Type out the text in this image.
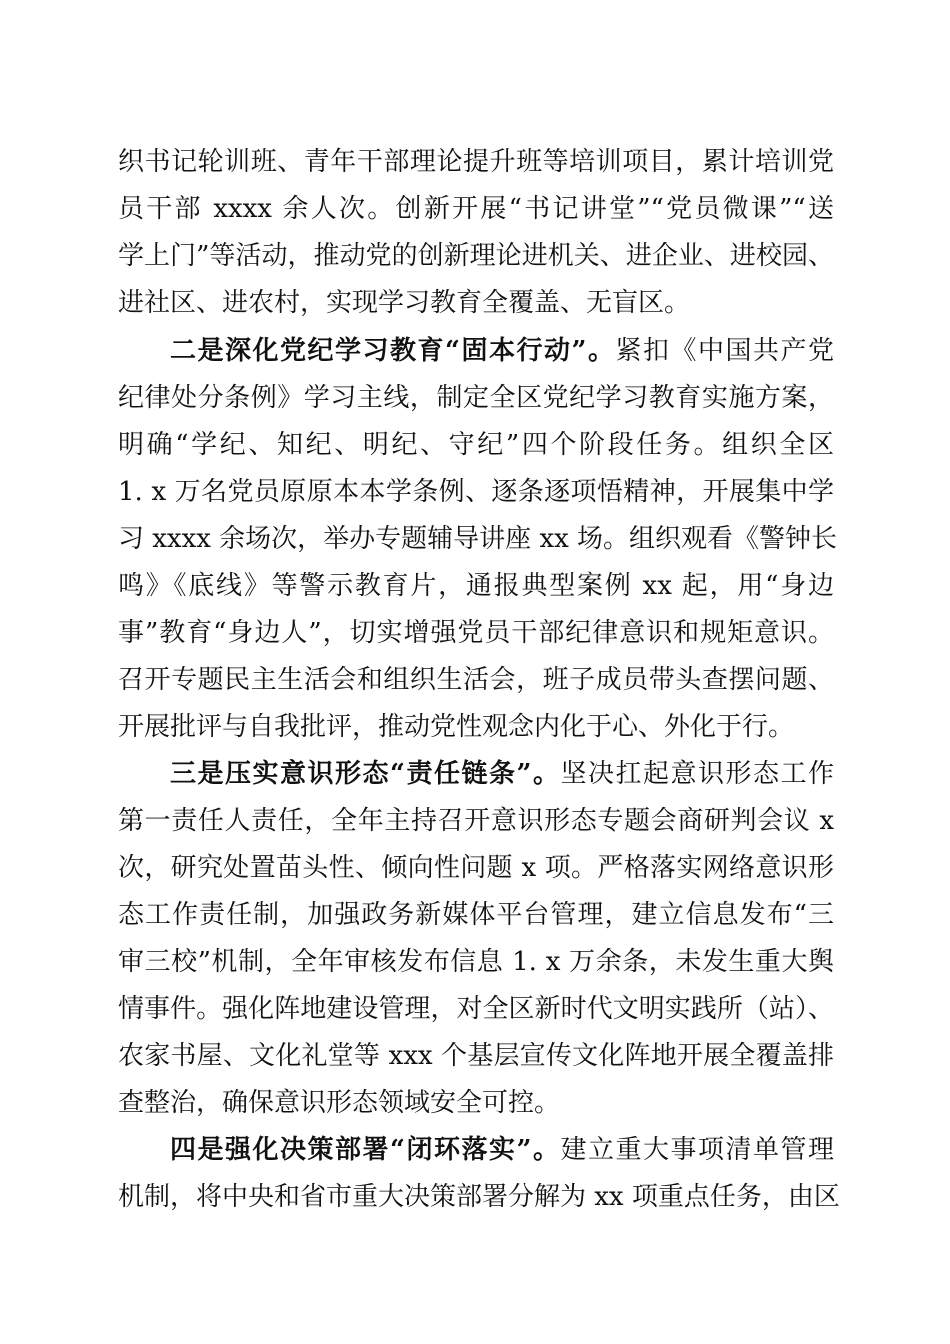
织书记轮训班、青年干部理论提升班等培训项目，累计培训党
员干部 xxxx 余人次。创新开展“书记讲堂”“党员微课”“送
学上门”等活动，推动党的创新理论进机关、进企业、进校园、
进社区、进农村，实现学习教育全覆盖、无盲区。
二是深化党纪学习教育“固本行动”。紧扣《中国共产党
纪律处分条例》学习主线，制定全区党纪学习教育实施方案，
明确“学纪、知纪、明纪、守纪”四个阶段任务。组织全区
1. x 万名党员原原本本学条例、逐条逐项悟精神，开展集中学
习 xxxx 余场次，举办专题辅导讲座 xx 场。组织观看《警钟长
鸣》《底线》等警示教育片，通报典型案例 xx 起，用“身边
事”教育“身边人”，切实增强党员干部纪律意识和规矩意识。
召开专题民主生活会和组织生活会，班子成员带头查摆问题、
开展批评与自我批评，推动党性观念内化于心、外化于行。
三是压实意识形态“责任链条”。坚决扛起意识形态工作
第一责任人责任，全年主持召开意识形态专题会商研判会议 x
次，研究处置苗头性、倾向性问题 x 项。严格落实网络意识形
态工作责任制，加强政务新媒体平台管理，建立信息发布“三
审三校”机制，全年审核发布信息 1. x 万余条，未发生重大舆
情事件。强化阵地建设管理，对全区新时代文明实践所（站）、
农家书屋、文化礼堂等 xxx 个基层宣传文化阵地开展全覆盖排
查整治，确保意识形态领域安全可控。
四是强化决策部署“闭环落实”。建立重大事项清单管理
机制，将中央和省市重大决策部署分解为 xx 项重点任务，由区
